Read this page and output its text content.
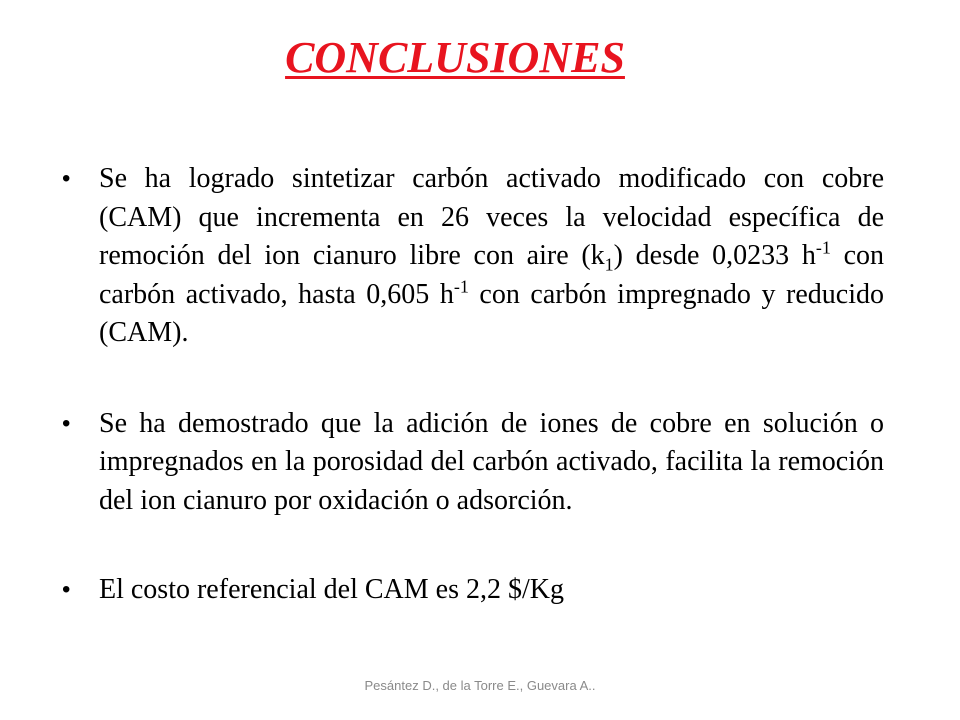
CONCLUSIONES
• Se ha logrado sintetizar carbón activado modificado con cobre (CAM) que incrementa en 26 veces la velocidad específica de remoción del ion cianuro libre con aire $(k_1)$ desde 0,0233 $h^{-1}$ con carbón activado, hasta 0,605 $h^{-1}$ con carbón impregnado y reducido (CAM).
• Se ha demostrado que la adición de iones de cobre en solución o impregnados en la porosidad del carbón activado, facilita la remoción del ion cianuro por oxidación o adsorción.
• El costo referencial del CAM es 2,2 $/Kg
Pesántez D., de la Torre E., Guevara A..
